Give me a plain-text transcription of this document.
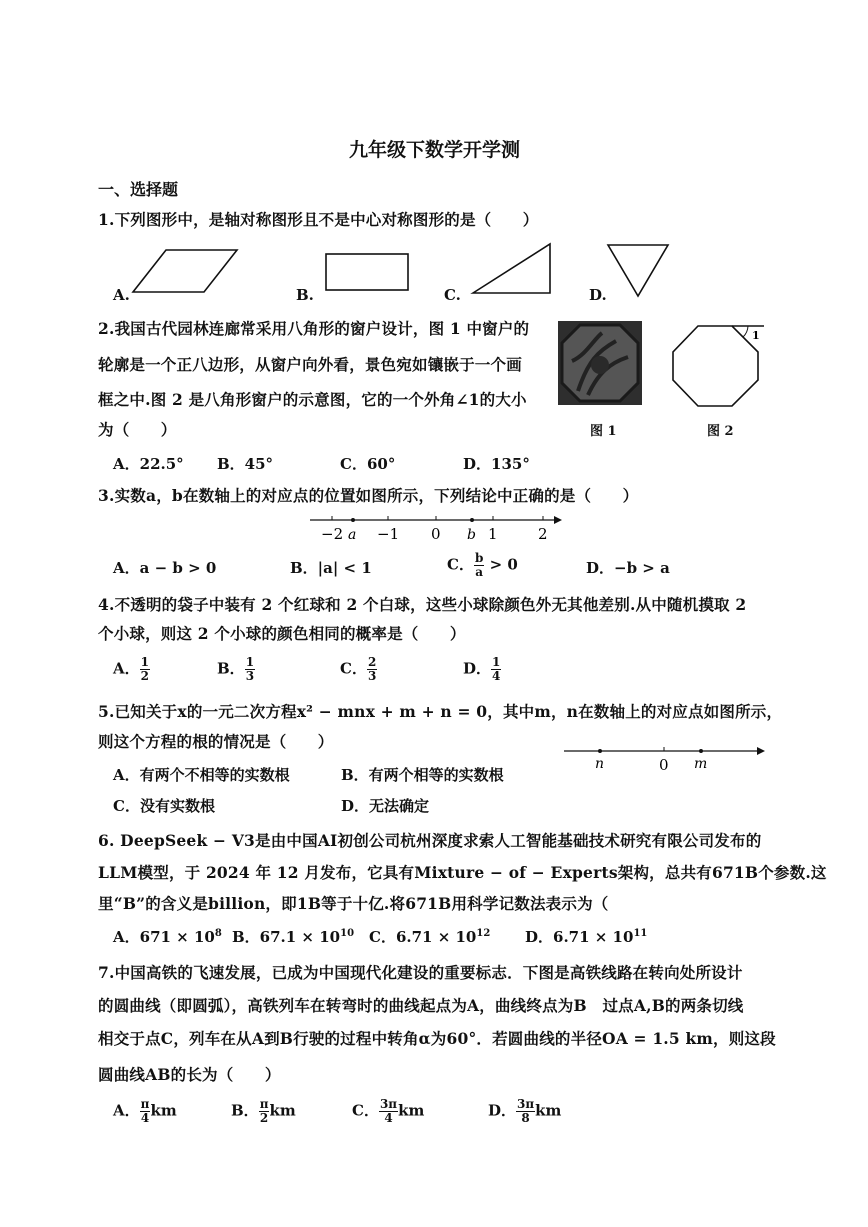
九年级下数学开学测
一、选择题
1.下列图形中，是轴对称图形且不是中心对称图形的是（　　）
A.	B.	C.	D.
2.我国古代园林连廊常采用八角形的窗户设计，图 1 中窗户的
轮廓是一个正八边形，从窗户向外看，景色宛如镶嵌于一个画
框之中.图 2 是八角形窗户的示意图，它的一个外角∠1的大小
为（　　）	图 1
1
图 2
A．22.5° B．45°	C．60°	D．135°
3.实数a，b在数轴上的对应点的位置如图所示，下列结论中正确的是（　　）
−2 a −1 0 b 1	2
A．a − b > 0	B．|a| < 1	C． $\frac{b}{a} > 0$	D．−b > a
4.不透明的袋子中装有 2 个红球和 2 个白球，这些小球除颜色外无其他差别.从中随机摸取 2
个小球，则这 2 个小球的颜色相同的概率是（　　）
A． $\frac{1}{2}$	B． $\frac{1}{3}$	C． $\frac{2}{3}$	D． $\frac{1}{4}$
5.已知关于x的一元二次方程x² − mnx + m + n = 0，其中m，n在数轴上的对应点如图所示，
则这个方程的根的情况是（　　）
n	0 m
A．有两个不相等的实数根	B．有两个相等的实数根
C．没有实数根	D．无法确定
6. DeepSeek − V3是由中国AI初创公司杭州深度求索人工智能基础技术研究有限公司发布的
LLM模型，于 2024 年 12 月发布，它具有Mixture − of − Experts架构，总共有671B个参数.这
里“B”的含义是billion，即1B等于十亿.将671B用科学记数法表示为（
A．$671 \times 10^8$ B．$67.1 \times 10^{10}$ C．$6.71 \times 10^{12}$ D．$6.71 \times 10^{11}$
7.中国高铁的飞速发展，已成为中国现代化建设的重要标志．下图是高铁线路在转向处所设计
的圆曲线（即圆弧），高铁列车在转弯时的曲线起点为A，曲线终点为B　过点A,B的两条切线
相交于点C，列车在从A到B行驶的过程中转角α为60°．若圆曲线的半径OA = 1.5 km，则这段
圆曲线AB的长为（　　）
A． $\frac{\pi}{4}$ km	B． $\frac{\pi}{2}$ km	C． $\frac{3\pi}{4}$ km	D． $\frac{3\pi}{8}$ km
